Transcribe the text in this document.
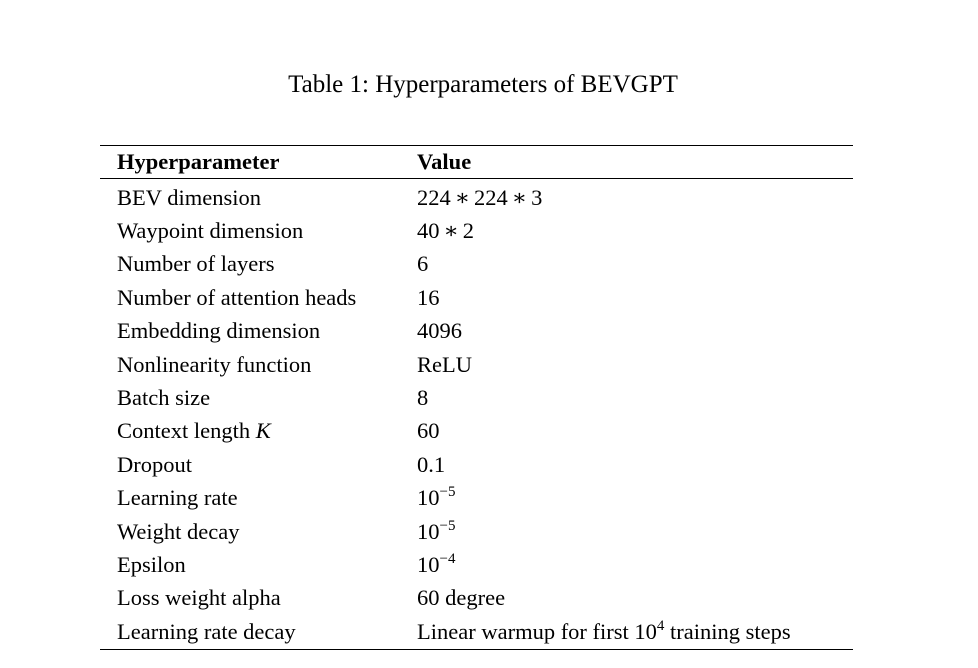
Table 1: Hyperparameters of BEVGPT
Hyperparameter	Value
BEV dimension	224 ∗ 224 ∗ 3
Waypoint dimension	40 ∗ 2
Number of layers	6
Number of attention heads	16
Embedding dimension	4096
Nonlinearity function	ReLU
Batch size	8
Context length K	60
Dropout	0.1
Learning rate	$10^{-5}$
Weight decay	$10^{-5}$
Epsilon	$10^{-4}$
Loss weight alpha	60 degree
Learning rate decay	Linear warmup for first $10^4$ training steps
